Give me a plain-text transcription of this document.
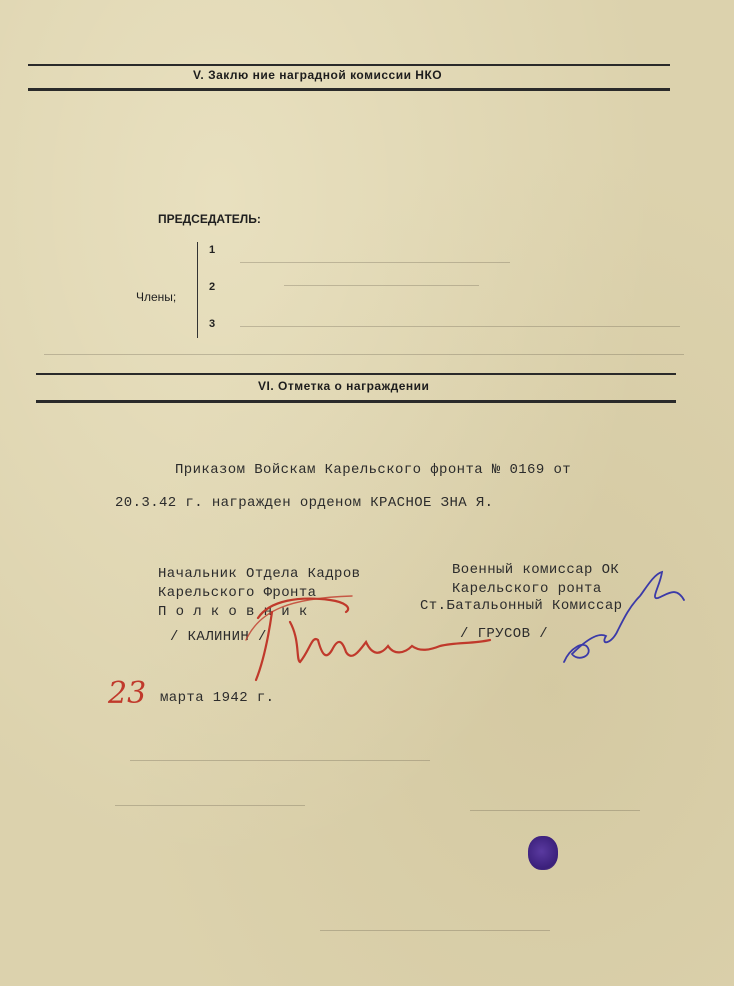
V. Заклю ние наградной комиссии НКО
ПРЕДСЕДАТЕЛЬ:
Члены;
1
2
3
VI. Отметка о награждении
Приказом Войскам Карельского фронта № 0169 от
20.3.42 г. награжден орденом КРАСНОЕ ЗНА Я.
Начальник Отдела Кадров
Карельского Фронта
П о л к о в н и к
/ КАЛИНИН /
Военный комиссар ОК
Карельского ронта
Ст.Батальонный Комиссар
/ ГРУСОВ /
23 марта 1942 г.
